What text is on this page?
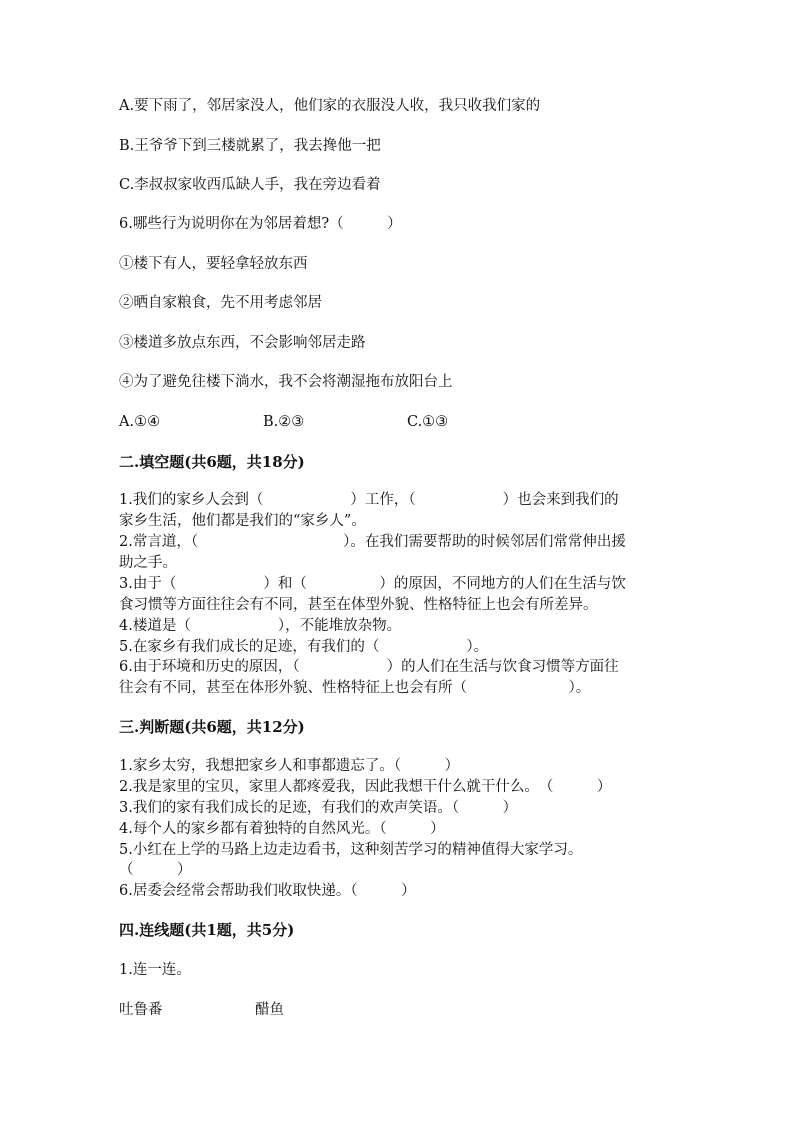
A.要下雨了，邻居家没人，他们家的衣服没人收，我只收我们家的
B.王爷爷下到三楼就累了，我去搀他一把
C.李叔叔家收西瓜缺人手，我在旁边看着
6.哪些行为说明你在为邻居着想?（　　　）
①楼下有人，要轻拿轻放东西
②晒自家粮食，先不用考虑邻居
③楼道多放点东西，不会影响邻居走路
④为了避免往楼下淌水，我不会将潮湿拖布放阳台上
A.①④	B.②③	C.①③
二.填空题(共6题，共18分)
1.我们的家乡人会到（　　　　　　）工作，（　　　　　　）也会来到我们的
家乡生活，他们都是我们的“家乡人”。
2.常言道，（　　　　　　　　　　）。在我们需要帮助的时候邻居们常常伸出援
助之手。
3.由于（　　　　　　）和（　　　　　）的原因，不同地方的人们在生活与饮
食习惯等方面往往会有不同，甚至在体型外貌、性格特征上也会有所差异。
4.楼道是（　　　　　　），不能堆放杂物。
5.在家乡有我们成长的足迹，有我们的（　　　　　　）。
6.由于环境和历史的原因，（　　　　　　）的人们在生活与饮食习惯等方面往
往会有不同，甚至在体形外貌、性格特征上也会有所（　　　　　　　）。
三.判断题(共6题，共12分)
1.家乡太穷，我想把家乡人和事都遗忘了。（　　　）
2.我是家里的宝贝，家里人都疼爱我，因此我想干什么就干什么。　（　　　）
3.我们的家有我们成长的足迹，有我们的欢声笑语。（　　　）
4.每个人的家乡都有着独特的自然风光。（　　　）
5.小红在上学的马路上边走边看书，这种刻苦学习的精神值得大家学习。
（　　　）
6.居委会经常会帮助我们收取快递。（　　　）
四.连线题(共1题，共5分)
1.连一连。
吐鲁番	醋鱼
